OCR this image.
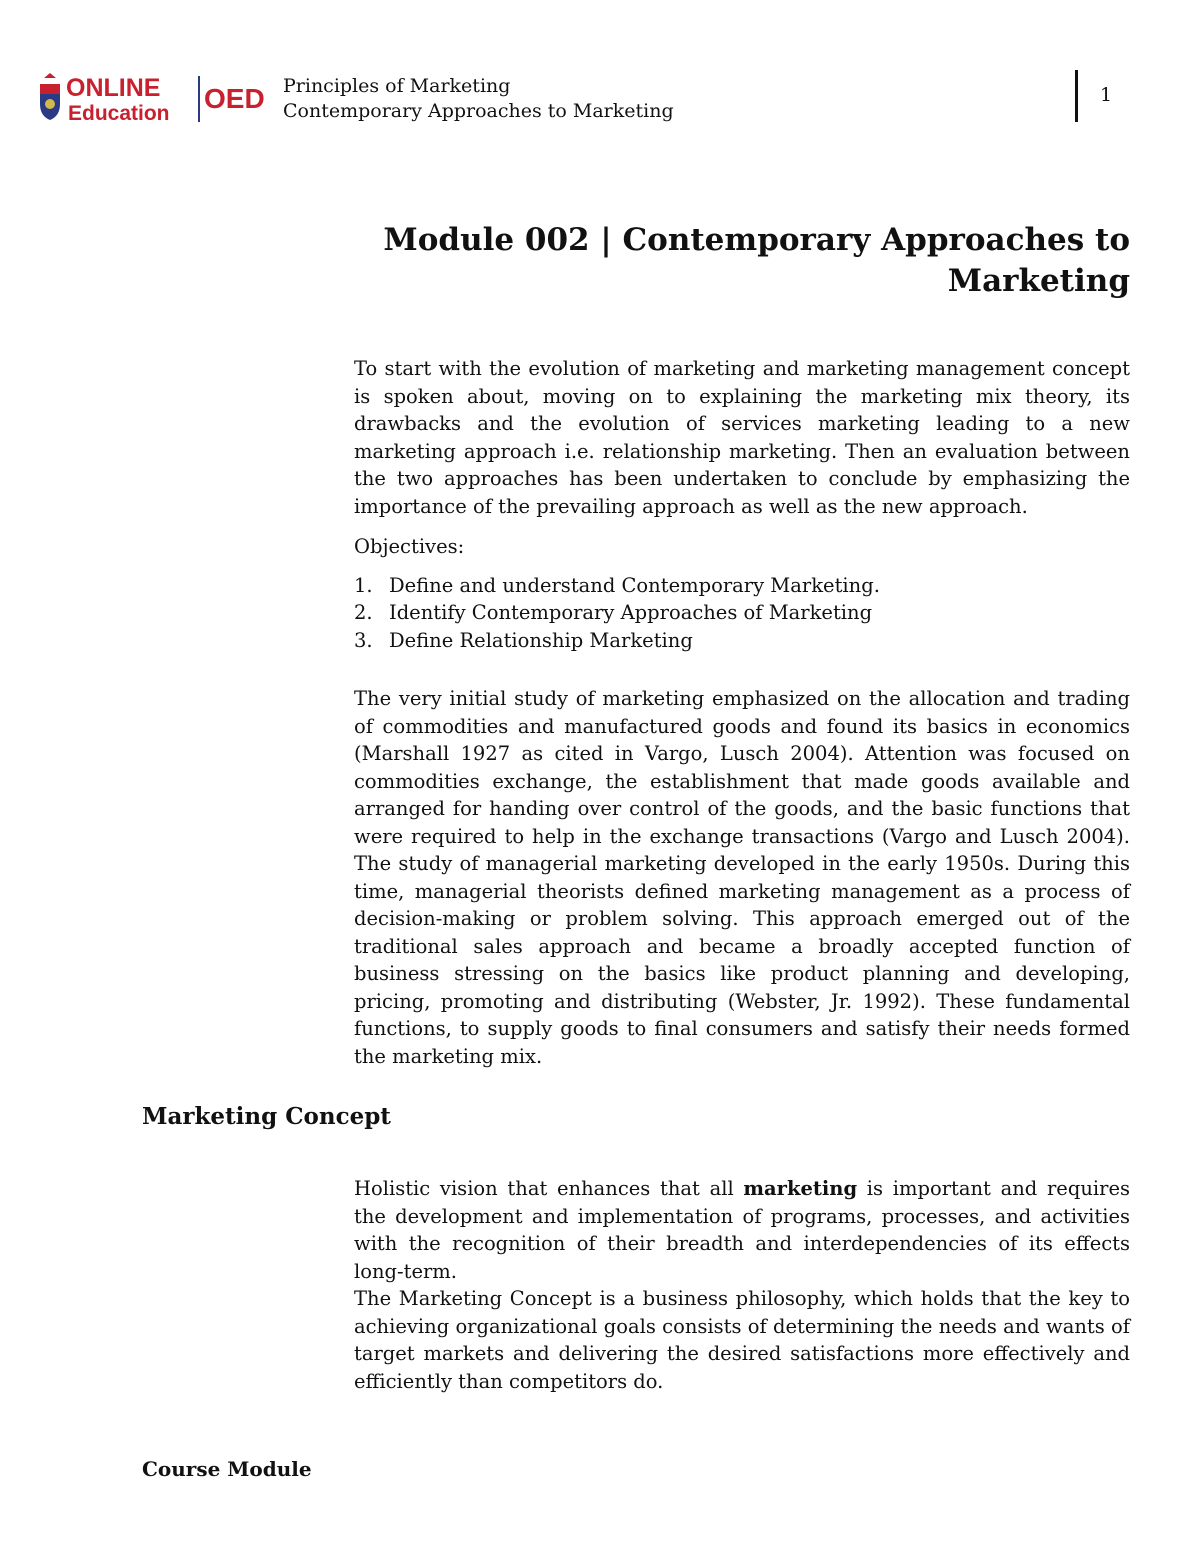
ONLINE
Education OED Principles of Marketing
Contemporary Approaches to Marketing
1
Module 002 | Contemporary Approaches to Marketing

To start with the evolution of marketing and marketing management concept is spoken about, moving on to explaining the marketing mix theory, its drawbacks and the evolution of services marketing leading to a new marketing approach i.e. relationship marketing. Then an evaluation between the two approaches has been undertaken to conclude by emphasizing the importance of the prevailing approach as well as the new approach.

Objectives:

1. Define and understand Contemporary Marketing.
2. Identify Contemporary Approaches of Marketing
3. Define Relationship Marketing

The very initial study of marketing emphasized on the allocation and trading of commodities and manufactured goods and found its basics in economics (Marshall 1927 as cited in Vargo, Lusch 2004). Attention was focused on commodities exchange, the establishment that made goods available and arranged for handing over control of the goods, and the basic functions that were required to help in the exchange transactions (Vargo and Lusch 2004). The study of managerial marketing developed in the early 1950s. During this time, managerial theorists defined marketing management as a process of decision-making or problem solving. This approach emerged out of the traditional sales approach and became a broadly accepted function of business stressing on the basics like product planning and developing, pricing, promoting and distributing (Webster, Jr. 1992). These fundamental functions, to supply goods to final consumers and satisfy their needs formed the marketing mix.

Marketing Concept

Holistic vision that enhances that all marketing is important and requires the development and implementation of programs, processes, and activities with the recognition of their breadth and interdependencies of its effects long-term.

The Marketing Concept is a business philosophy, which holds that the key to achieving organizational goals consists of determining the needs and wants of target markets and delivering the desired satisfactions more effectively and efficiently than competitors do.

Course Module
